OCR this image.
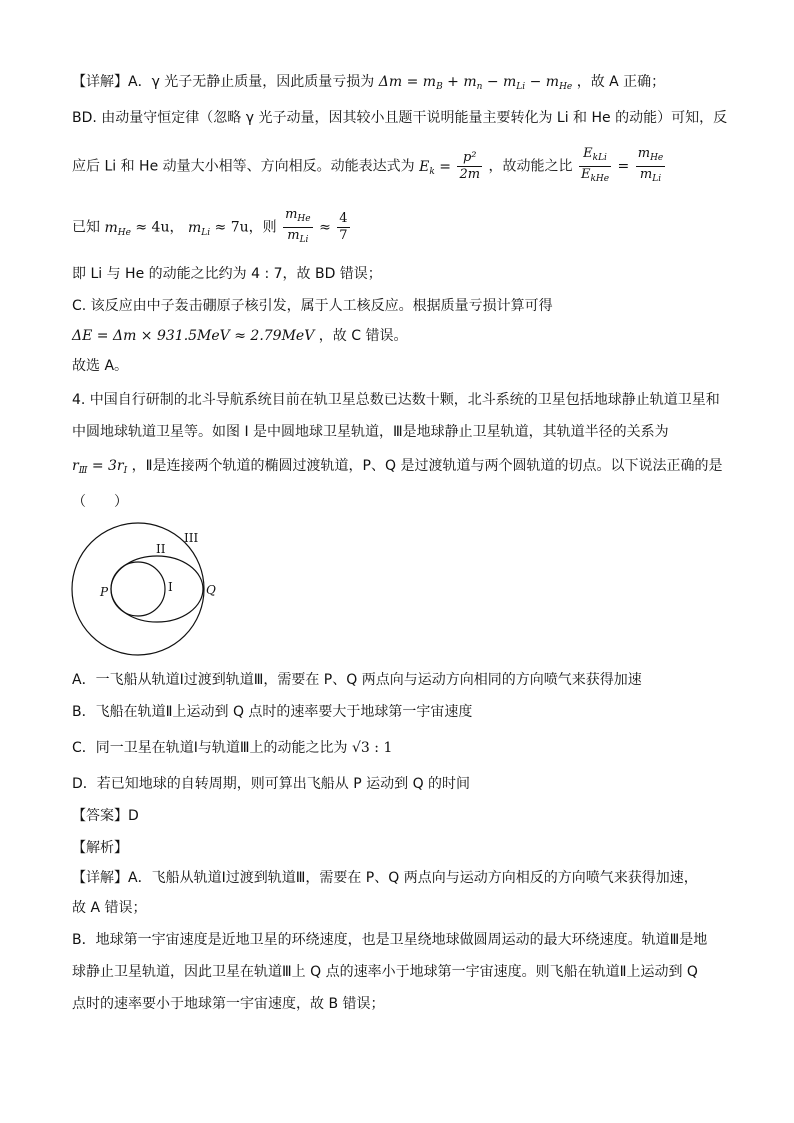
【详解】A．γ 光子无静止质量，因此质量亏损为 $\Delta m = m_B + m_n - m_{Li} - m_{He}$ ，故 A 正确；
BD. 由动量守恒定律（忽略 γ 光子动量，因其较小且题干说明能量主要转化为 Li 和 He 的动能）可知，反
应后 Li 和 He 动量大小相等、方向相反。动能表达式为 $E_k = \frac{\text{p²}}{2m}$ ，故动能之比 $\frac{E_{kLi}}{E_{kHe}} = \frac{m_{He}}{m_{Li}}$
已知 $m_{He} \approx 4u$， $m_{Li} \approx 7u$，则 $\frac{m_{He}}{m_{Li}} \approx \frac{4}{7}$
即 Li 与 He 的动能之比约为 4 : 7，故 BD 错误；
C. 该反应由中子轰击硼原子核引发，属于人工核反应。根据质量亏损计算可得
ΔE = Δm × 931.5MeV ≈ 2.79MeV ，故 C 错误。
故选 A。
4. 中国自行研制的北斗导航系统目前在轨卫星总数已达数十颗，北斗系统的卫星包括地球静止轨道卫星和
中圆地球轨道卫星等。如图 I 是中圆地球卫星轨道，Ⅲ是地球静止卫星轨道，其轨道半径的关系为
$r_Ⅲ = 3r_Ⅰ$ ，Ⅱ是连接两个轨道的椭圆过渡轨道，P、Q 是过渡轨道与两个圆轨道的切点。以下说法正确的是
（　　）
III
II
I
P	Q
A．一飞船从轨道Ⅰ过渡到轨道Ⅲ，需要在 P、Q 两点向与运动方向相同的方向喷气来获得加速
B．飞船在轨道Ⅱ上运动到 Q 点时的速率要大于地球第一宇宙速度
C．同一卫星在轨道Ⅰ与轨道Ⅲ上的动能之比为 √3 : 1
D．若已知地球的自转周期，则可算出飞船从 P 运动到 Q 的时间
【答案】D
【解析】
【详解】A．飞船从轨道Ⅰ过渡到轨道Ⅲ，需要在 P、Q 两点向与运动方向相反的方向喷气来获得加速，
故 A 错误；
B．地球第一宇宙速度是近地卫星的环绕速度，也是卫星绕地球做圆周运动的最大环绕速度。轨道Ⅲ是地
球静止卫星轨道，因此卫星在轨道Ⅲ上 Q 点的速率小于地球第一宇宙速度。则飞船在轨道Ⅱ上运动到 Q
点时的速率要小于地球第一宇宙速度，故 B 错误；
